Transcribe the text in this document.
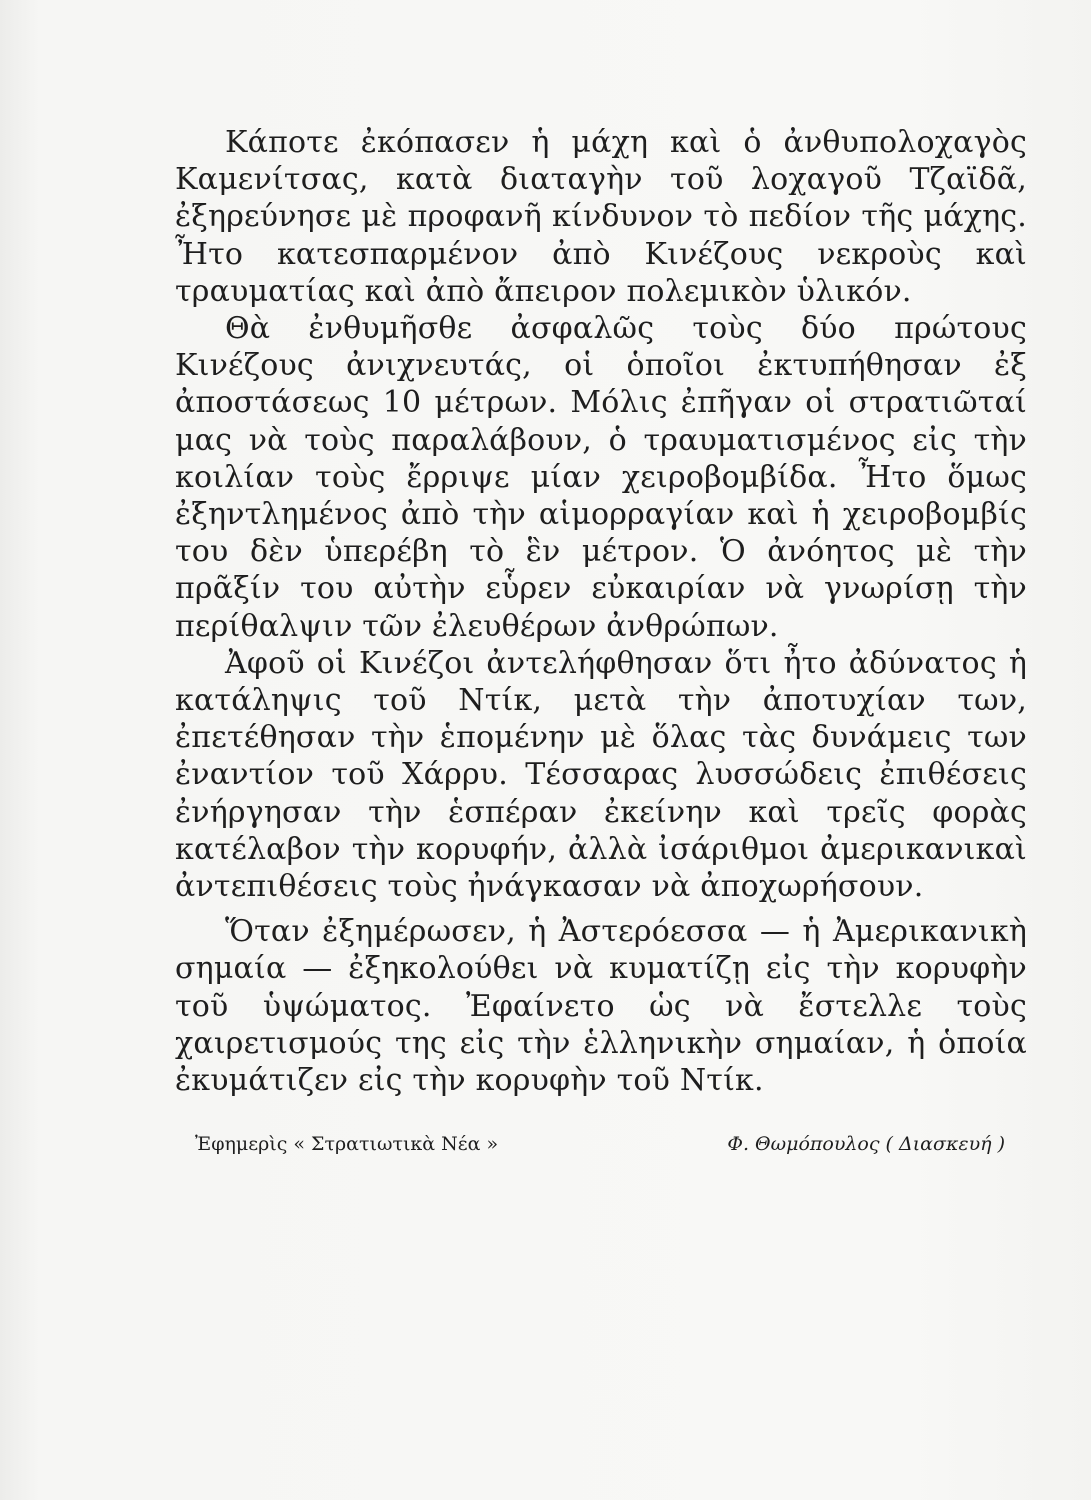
Κάποτε ἐκόπασεν ἡ μάχη καὶ ὁ ἀνθυπολοχαγὸς Καμενίτσας, κατὰ διαταγὴν τοῦ λοχαγοῦ Τζαϊδᾶ, ἐξηρεύνησε μὲ προφανῆ κίνδυνον τὸ πεδίον τῆς μάχης. Ἦτο κατεσπαρμένον ἀπὸ Κινέζους νεκροὺς καὶ τραυματίας καὶ ἀπὸ ἄπειρον πολεμικὸν ὑλικόν.

Θὰ ἐνθυμῆσθε ἀσφαλῶς τοὺς δύο πρώτους Κινέζους ἀνιχνευτάς, οἱ ὁποῖοι ἐκτυπήθησαν ἐξ ἀποστάσεως 10 μέτρων. Μόλις ἐπῆγαν οἱ στρατιῶταί μας νὰ τοὺς παραλάβουν, ὁ τραυματισμένος εἰς τὴν κοιλίαν τοὺς ἔρριψε μίαν χειροβομβίδα. Ἦτο ὅμως ἐξηντλημένος ἀπὸ τὴν αἱμορραγίαν καὶ ἡ χειροβομβίς του δὲν ὑπερέβη τὸ ἓν μέτρον. Ὁ ἀνόητος μὲ τὴν πρᾶξίν του αὐτὴν εὗρεν εὐκαιρίαν νὰ γνωρίσῃ τὴν περίθαλψιν τῶν ἐλευθέρων ἀνθρώπων.

Ἀφοῦ οἱ Κινέζοι ἀντελήφθησαν ὅτι ἦτο ἀδύνατος ἡ κατάληψις τοῦ Ντίκ, μετὰ τὴν ἀποτυχίαν των, ἐπετέθησαν τὴν ἑπομένην μὲ ὅλας τὰς δυνάμεις των ἐναντίον τοῦ Χάρρυ. Τέσσαρας λυσσώδεις ἐπιθέσεις ἐνήργησαν τὴν ἑσπέραν ἐκείνην καὶ τρεῖς φορὰς κατέλαβον τὴν κορυφήν, ἀλλὰ ἰσάριθμοι ἀμερικανικαὶ ἀντεπιθέσεις τοὺς ἠνάγκασαν νὰ ἀποχωρήσουν.

Ὅταν ἐξημέρωσεν, ἡ Ἀστερόεσσα — ἡ Ἀμερικανικὴ σημαία — ἐξηκολούθει νὰ κυματίζῃ εἰς τὴν κορυφὴν τοῦ ὑψώματος. Ἐφαίνετο ὡς νὰ ἔστελλε τοὺς χαιρετισμούς της εἰς τὴν ἑλληνικὴν σημαίαν, ἡ ὁποία ἐκυμάτιζεν εἰς τὴν κορυφὴν τοῦ Ντίκ.

Ἐφημερὶς « Στρατιωτικὰ Νέα »	Φ. Θωμόπουλος ( Διασκευή )
